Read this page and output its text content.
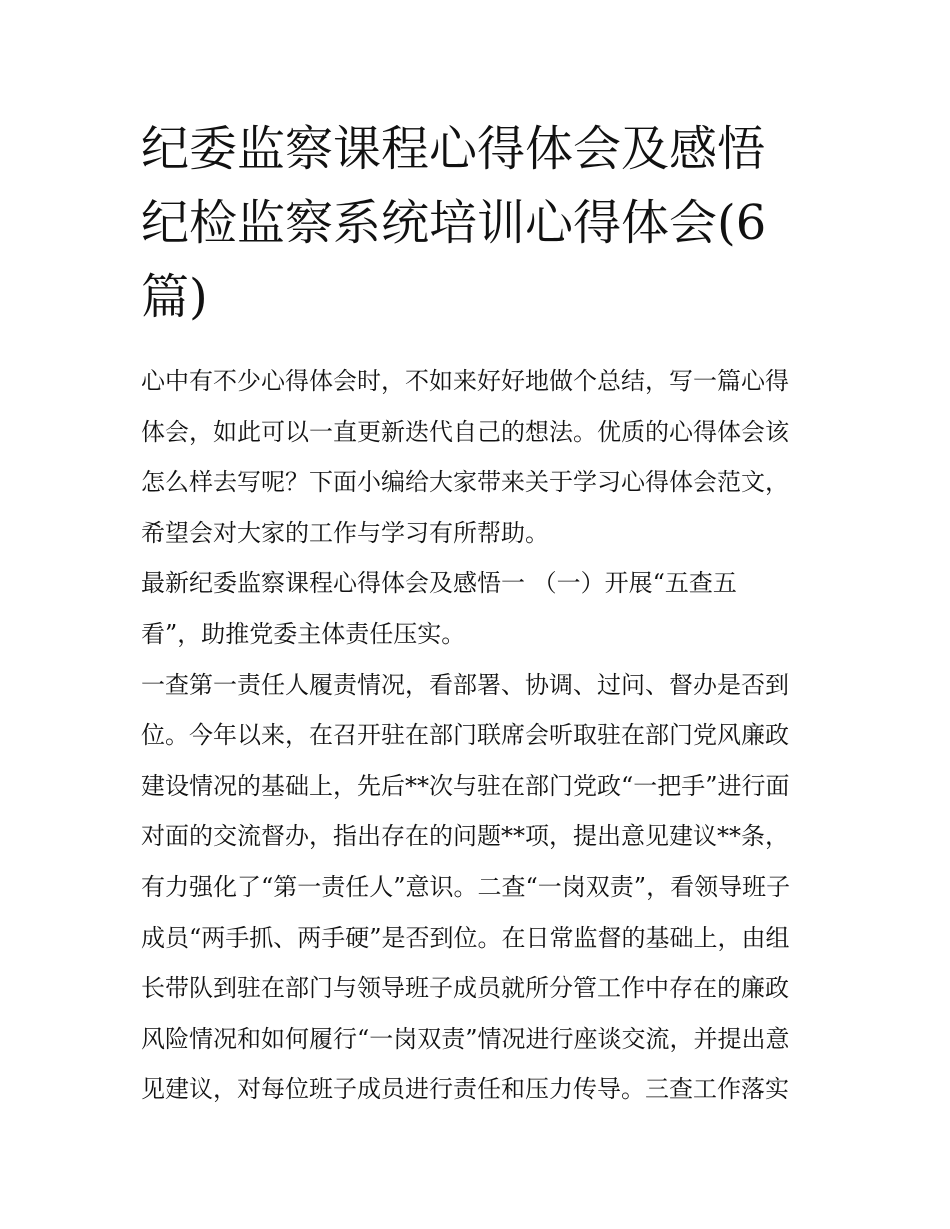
纪委监察课程心得体会及感悟
纪检监察系统培训心得体会(6
篇)

心中有不少心得体会时，不如来好好地做个总结，写一篇心得
体会，如此可以一直更新迭代自己的想法。优质的心得体会该
怎么样去写呢？下面小编给大家带来关于学习心得体会范文，
希望会对大家的工作与学习有所帮助。

最新纪委监察课程心得体会及感悟一 （一）开展“五查五
看”，助推党委主体责任压实。

一查第一责任人履责情况，看部署、协调、过问、督办是否到
位。今年以来，在召开驻在部门联席会听取驻在部门党风廉政
建设情况的基础上，先后**次与驻在部门党政“一把手”进行面
对面的交流督办，指出存在的问题**项，提出意见建议**条，
有力强化了“第一责任人”意识。二查“一岗双责”，看领导班子
成员“两手抓、两手硬”是否到位。在日常监督的基础上，由组
长带队到驻在部门与领导班子成员就所分管工作中存在的廉政
风险情况和如何履行“一岗双责”情况进行座谈交流，并提出意
见建议，对每位班子成员进行责任和压力传导。三查工作落实
